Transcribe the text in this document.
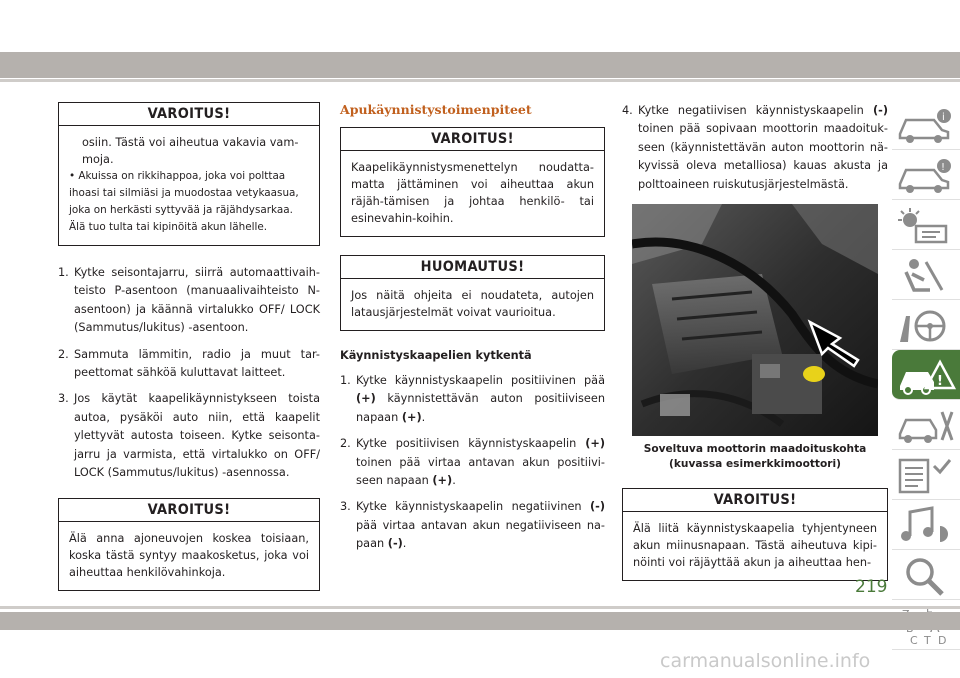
VAROITUS!
osiin. Tästä voi aiheutua vakavia vam-
moja.
• Akuissa on rikkihappoa, joka voi polttaa ihoasi tai silmiäsi ja muodostaa vetykaasua, joka on herkästi syttyvää ja räjähdysarkaa. Älä tuo tulta tai kipinöitä akun lähelle.
1. Kytke seisontajarru, siirrä automaattivaih-teisto P-asentoon (manuaalivaihteisto N-asentoon) ja käännä virtalukko OFF/ LOCK (Sammutus/lukitus) -asentoon.
2. Sammuta lämmitin, radio ja muut tar-peettomat sähköä kuluttavat laitteet.
3. Jos käytät kaapelikäynnistykseen toista autoa, pysäköi auto niin, että kaapelit ylettyvät autosta toiseen. Kytke seisonta-jarru ja varmista, että virtalukko on OFF/ LOCK (Sammutus/lukitus) -asennossa.
VAROITUS!
Älä anna ajoneuvojen koskea toisiaan, koska tästä syntyy maakosketus, joka voi aiheuttaa henkilövahinkoja.
Apukäynnistystoimenpiteet
VAROITUS!
Kaapelikäynnistysmenettelyn noudatta-matta jättäminen voi aiheuttaa akun räjäh-tämisen ja johtaa henkilö- tai esinevahin-koihin.
HUOMAUTUS!
Jos näitä ohjeita ei noudateta, autojen latausjärjestelmät voivat vaurioitua.
Käynnistyskaapelien kytkentä
1. Kytke käynnistyskaapelin positiivinen pää (+) käynnistettävän auton positiiviseen napaan (+).
2. Kytke positiivisen käynnistyskaapelin (+) toinen pää virtaa antavan akun positiivi-seen napaan (+).
3. Kytke käynnistyskaapelin negatiivinen (-) pää virtaa antavan akun negatiiviseen na-paan (-).
4. Kytke negatiivisen käynnistyskaapelin (-) toinen pää sopivaan moottorin maadoituk-seen (käynnistettävän auton moottorin nä-kyvissä oleva metalliosa) kauas akusta ja polttoaineen ruiskutusjärjestelmästä.
Soveltuva moottorin maadoituskohta
(kuvassa esimerkkimoottori)
VAROITUS!
Älä liitä käynnistyskaapelia tyhjentyneen akun miinusnapaan. Tästä aiheutuva kipi-nöinti voi räjäyttää akun ja aiheuttaa hen-
i
!
!
C D
T
219
carmanualsonline.info
